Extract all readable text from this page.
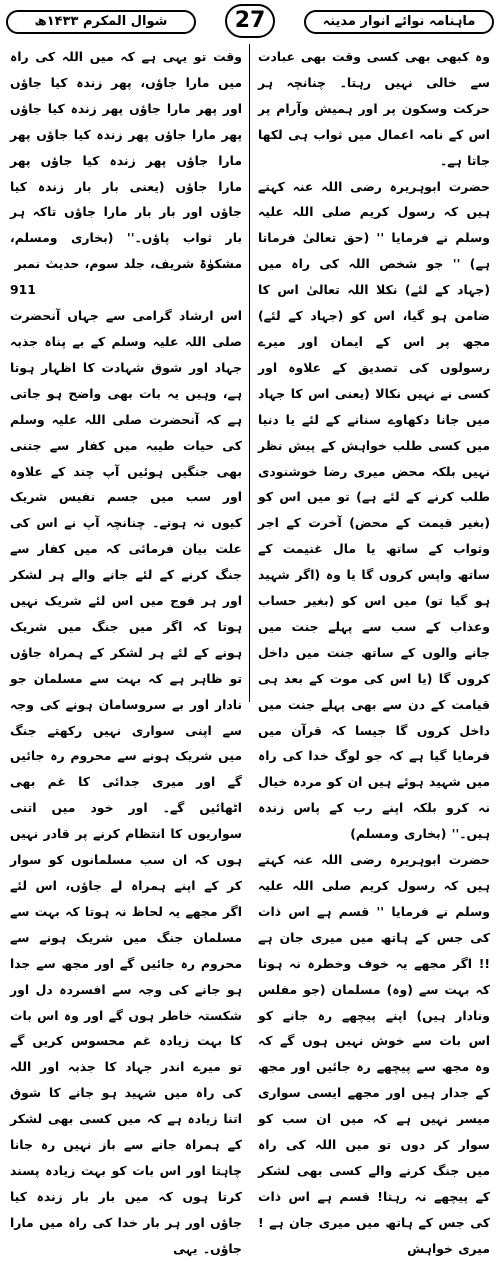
شوال المکرم ۱۴۳۳ھ	27	ماہنامہ نوائے انوار مدینہ

وہ کبھی بھی کسی وقت بھی عبادت سے خالی نہیں رہتا۔ چنانچہ ہر حرکت وسکون پر اور ہمیش وآرام پر اس کے نامہ اعمال میں ثواب ہی لکھا جاتا ہے۔

حضرت ابوہریرہ رضی اللہ عنہ کہتے ہیں کہ رسول کریم صلی اللہ علیہ وسلم نے فرمایا '' (حق تعالیٰ فرماتا ہے) '' جو شخص اللہ کی راہ میں (جہاد کے لئے) نکلا اللہ تعالیٰ اس کا ضامن ہو گیا، اس کو (جہاد کے لئے) مجھ پر اس کے ایمان اور میرے رسولوں کی تصدیق کے علاوہ اور کسی نے نہیں نکالا (یعنی اس کا جہاد میں جانا دکھاوے سنانے کے لئے یا دنیا میں کسی طلب خواہش کے پیش نظر نہیں بلکہ محض میری رضا خوشنودی طلب کرنے کے لئے ہے) تو میں اس کو (بغیر قیمت کے محض) آخرت کے اجر وثواب کے ساتھ یا مال غنیمت کے ساتھ واپس کروں گا یا وہ (اگر شہید ہو گیا تو) میں اس کو (بغیر حساب وعذاب کے سب سے پہلے جنت میں جانے والوں کے ساتھ جنت میں داخل کروں گا (یا اس کی موت کے بعد ہی قیامت کے دن سے بھی پہلے جنت میں داخل کروں گا جیسا کہ قرآن میں فرمایا گیا ہے کہ جو لوگ خدا کی راہ میں شہید ہوئے ہیں ان کو مردہ خیال نہ کرو بلکہ اپنے رب کے پاس زندہ ہیں۔'' (بخاری ومسلم)

حضرت ابوہریرہ رضی اللہ عنہ کہتے ہیں کہ رسول کریم صلی اللہ علیہ وسلم نے فرمایا '' قسم ہے اس ذات کی جس کے ہاتھ میں میری جان ہے !! اگر مجھے یہ خوف وخطرہ نہ ہوتا کہ بہت سے (وہ) مسلمان (جو مفلس ونادار ہیں) اپنے پیچھے رہ جانے کو اس بات سے خوش نہیں ہوں گے کہ وہ مجھ سے پیچھے رہ جائیں اور مجھ کے جدار ہیں اور مجھے ایسی سواری میسر نہیں ہے کہ میں ان سب کو سوار کر دوں تو میں اللہ کی راہ میں جنگ کرنے والے کسی بھی لشکر کے پیچھے نہ رہتا! قسم ہے اس ذات کی جس کے ہاتھ میں میری جان ہے ! میری خواہش

وقت تو یہی ہے کہ میں اللہ کی راہ میں مارا جاؤں، پھر زندہ کیا جاؤں اور پھر مارا جاؤں پھر زندہ کیا جاؤں پھر مارا جاؤں پھر زندہ کیا جاؤں پھر مارا جاؤں پھر زندہ کیا جاؤں پھر مارا جاؤں (یعنی بار بار زندہ کیا جاؤں اور بار بار مارا جاؤں تاکہ ہر بار ثواب پاؤں۔'' (بخاری ومسلم، مشکوٰۃ شریف، جلد سوم، حدیث نمبر

911

اس ارشاد گرامی سے جہاں آنحضرت صلی اللہ علیہ وسلم کے بے پناہ جذبہ جہاد اور شوق شہادت کا اظہار ہوتا ہے، وہیں یہ بات بھی واضح ہو جاتی ہے کہ آنحضرت صلی اللہ علیہ وسلم کی حیات طیبہ میں کفار سے جتنی بھی جنگیں ہوئیں آپ چند کے علاوہ اور سب میں جسم نفیس شریک کیوں نہ ہوتے۔ چنانچہ آپ نے اس کی علت بیان فرمائی کہ میں کفار سے جنگ کرنے کے لئے جانے والے ہر لشکر اور ہر فوج میں اس لئے شریک نہیں ہوتا کہ اگر میں جنگ میں شریک ہونے کے لئے ہر لشکر کے ہمراہ جاؤں تو ظاہر ہے کہ بہت سے مسلمان جو نادار اور بے سروسامان ہونے کی وجہ سے اپنی سواری نہیں رکھتے جنگ میں شریک ہونے سے محروم رہ جائیں گے اور میری جدائی کا غم بھی اٹھائیں گے۔ اور خود میں اتنی سواریوں کا انتظام کرنے پر قادر نہیں ہوں کہ ان سب مسلمانوں کو سوار کر کے اپنے ہمراہ لے جاؤں، اس لئے اگر مجھے یہ لحاظ نہ ہوتا کہ بہت سے مسلمان جنگ میں شریک ہونے سے محروم رہ جائیں گے اور مجھ سے جدا ہو جانے کی وجہ سے افسردہ دل اور شکستہ خاطر ہوں گے اور وہ اس بات کا بہت زیادہ غم محسوس کریں گے تو میرے اندر جہاد کا جذبہ اور اللہ کی راہ میں شہید ہو جانے کا شوق اتنا زیادہ ہے کہ میں کسی بھی لشکر کے ہمراہ جانے سے باز نہیں رہ جانا چاہتا اور اس بات کو بہت زیادہ پسند کرتا ہوں کہ میں بار بار زندہ کیا جاؤں اور ہر بار خدا کی راہ میں مارا جاؤں۔ یہی
